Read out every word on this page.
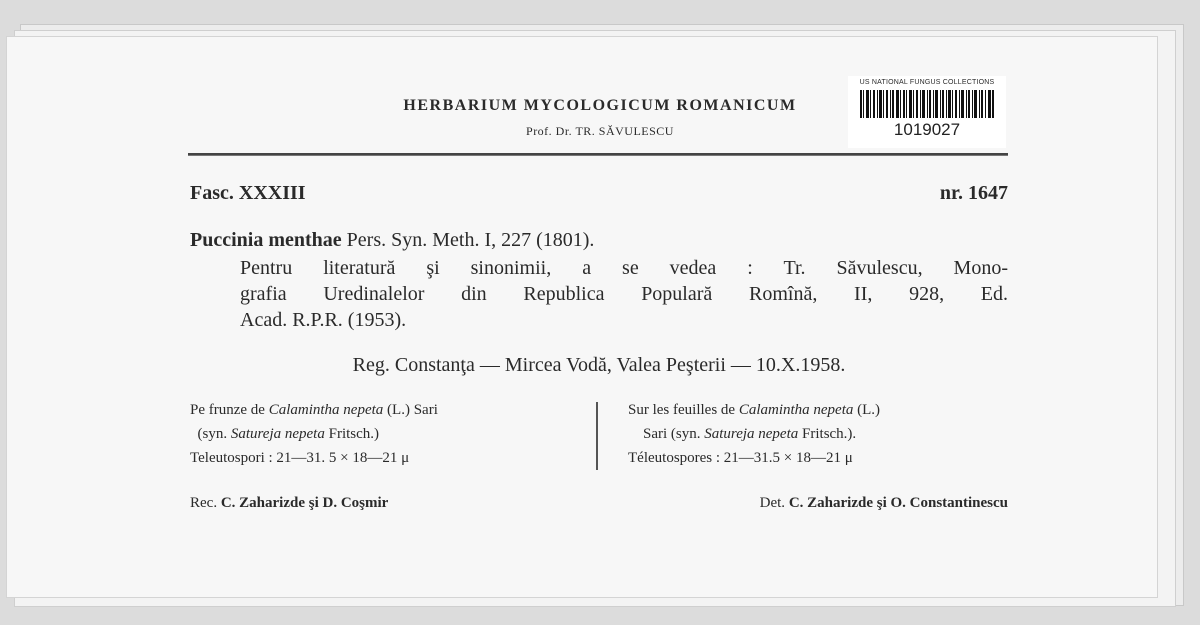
HERBARIUM MYCOLOGICUM ROMANICUM
Prof. Dr. TR. SĂVULESCU
US NATIONAL FUNGUS COLLECTIONS
1019027
Fasc. XXXIII	nr. 1647
Puccinia menthae Pers. Syn. Meth. I, 227 (1801).
Pentru literatură şi sinonimii, a se vedea : Tr. Săvulescu, Mono-
grafia Uredinalelor din Republica Populară Romînă, II, 928, Ed.
Acad. R.P.R. (1953).
Reg. Constanţa — Mircea Vodă, Valea Peşterii — 10.X.1958.
Pe frunze de Calamintha nepeta (L.) Sari
(syn. Satureja nepeta Fritsch.)
Teleutospori : 21—31. 5 × 18—21 μ
Sur les feuilles de Calamintha nepeta (L.)
Sari (syn. Satureja nepeta Fritsch.).
Téleutospores : 21—31.5 × 18—21 μ
Rec. C. Zaharizde şi D. Coşmir	Det. C. Zaharizde şi O. Constantinescu
